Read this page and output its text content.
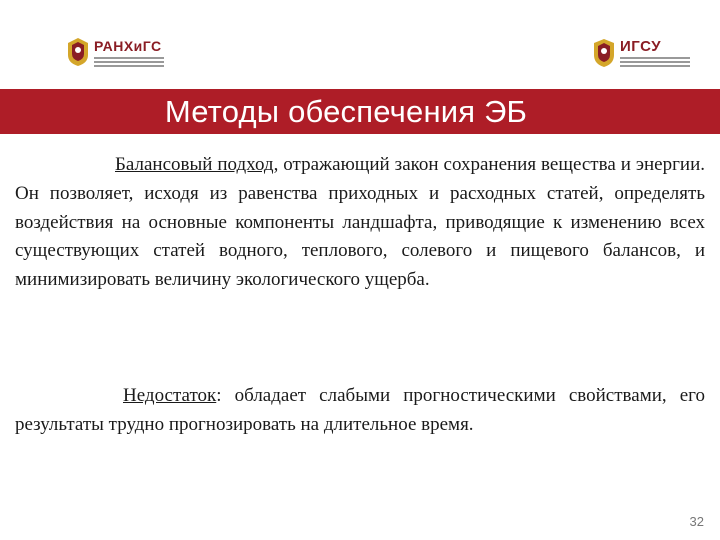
РАНХиГС	ИГСУ
Методы обеспечения ЭБ
Балансовый подход, отражающий закон сохранения вещества и энергии. Он позволяет, исходя из равенства приходных и расходных статей, определять воздействия на основные компоненты ландшафта, приводящие к изменению всех существующих статей водного, теплового, солевого и пищевого балансов, и минимизировать величину экологического ущерба.
Недостаток: обладает слабыми прогностическими свойствами, его результаты трудно прогнозировать на длительное время.
32
